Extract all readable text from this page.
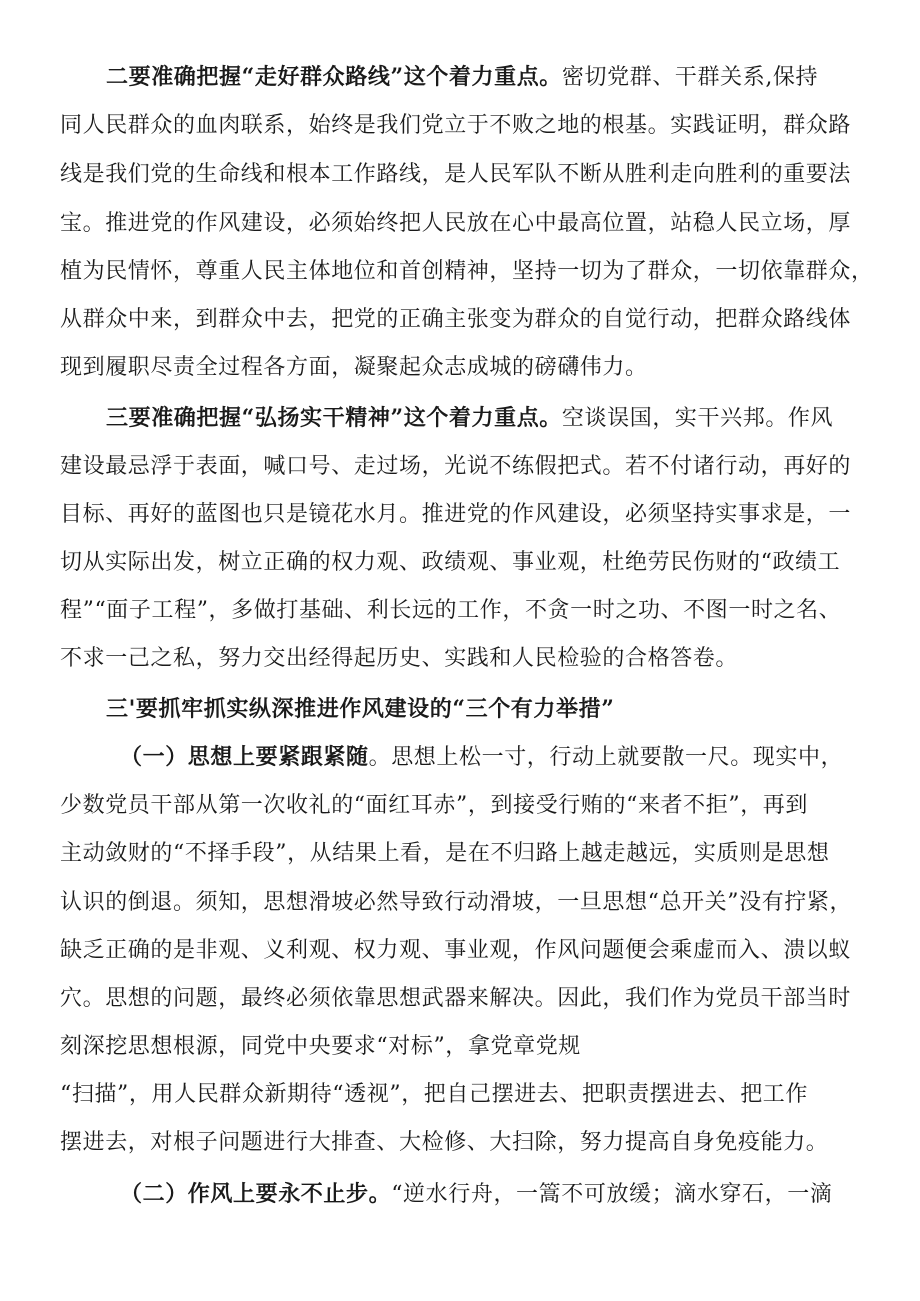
二要准确把握“走好群众路线”这个着力重点。密切党群、干群关系,保持
同人民群众的血肉联系，始终是我们党立于不败之地的根基。实践证明，群众路
线是我们党的生命线和根本工作路线，是人民军队不断从胜利走向胜利的重要法
宝。推进党的作风建设，必须始终把人民放在心中最高位置，站稳人民立场，厚
植为民情怀，尊重人民主体地位和首创精神，坚持一切为了群众，一切依靠群众，
从群众中来，到群众中去，把党的正确主张变为群众的自觉行动，把群众路线体
现到履职尽责全过程各方面，凝聚起众志成城的磅礴伟力。
三要准确把握“弘扬实干精神”这个着力重点。空谈误国，实干兴邦。作风
建设最忌浮于表面，喊口号、走过场，光说不练假把式。若不付诸行动，再好的
目标、再好的蓝图也只是镜花水月。推进党的作风建设，必须坚持实事求是，一
切从实际出发，树立正确的权力观、政绩观、事业观，杜绝劳民伤财的“政绩工
程”“面子工程”，多做打基础、利长远的工作，不贪一时之功、不图一时之名、
不求一己之私，努力交出经得起历史、实践和人民检验的合格答卷。
三'要抓牢抓实纵深推进作风建设的“三个有力举措”
（一）思想上要紧跟紧随。思想上松一寸，行动上就要散一尺。现实中，
少数党员干部从第一次收礼的“面红耳赤”，到接受行贿的“来者不拒”，再到
主动敛财的“不择手段”，从结果上看，是在不归路上越走越远，实质则是思想
认识的倒退。须知，思想滑坡必然导致行动滑坡，一旦思想“总开关”没有拧紧，
缺乏正确的是非观、义利观、权力观、事业观，作风问题便会乘虚而入、溃以蚁
穴。思想的问题，最终必须依靠思想武器来解决。因此，我们作为党员干部当时
刻深挖思想根源，同党中央要求“对标”，拿党章党规
“扫描”，用人民群众新期待“透视”，把自己摆进去、把职责摆进去、把工作
摆进去，对根子问题进行大排查、大检修、大扫除，努力提高自身免疫能力。
（二）作风上要永不止步。“逆水行舟，一篙不可放缓；滴水穿石，一滴
